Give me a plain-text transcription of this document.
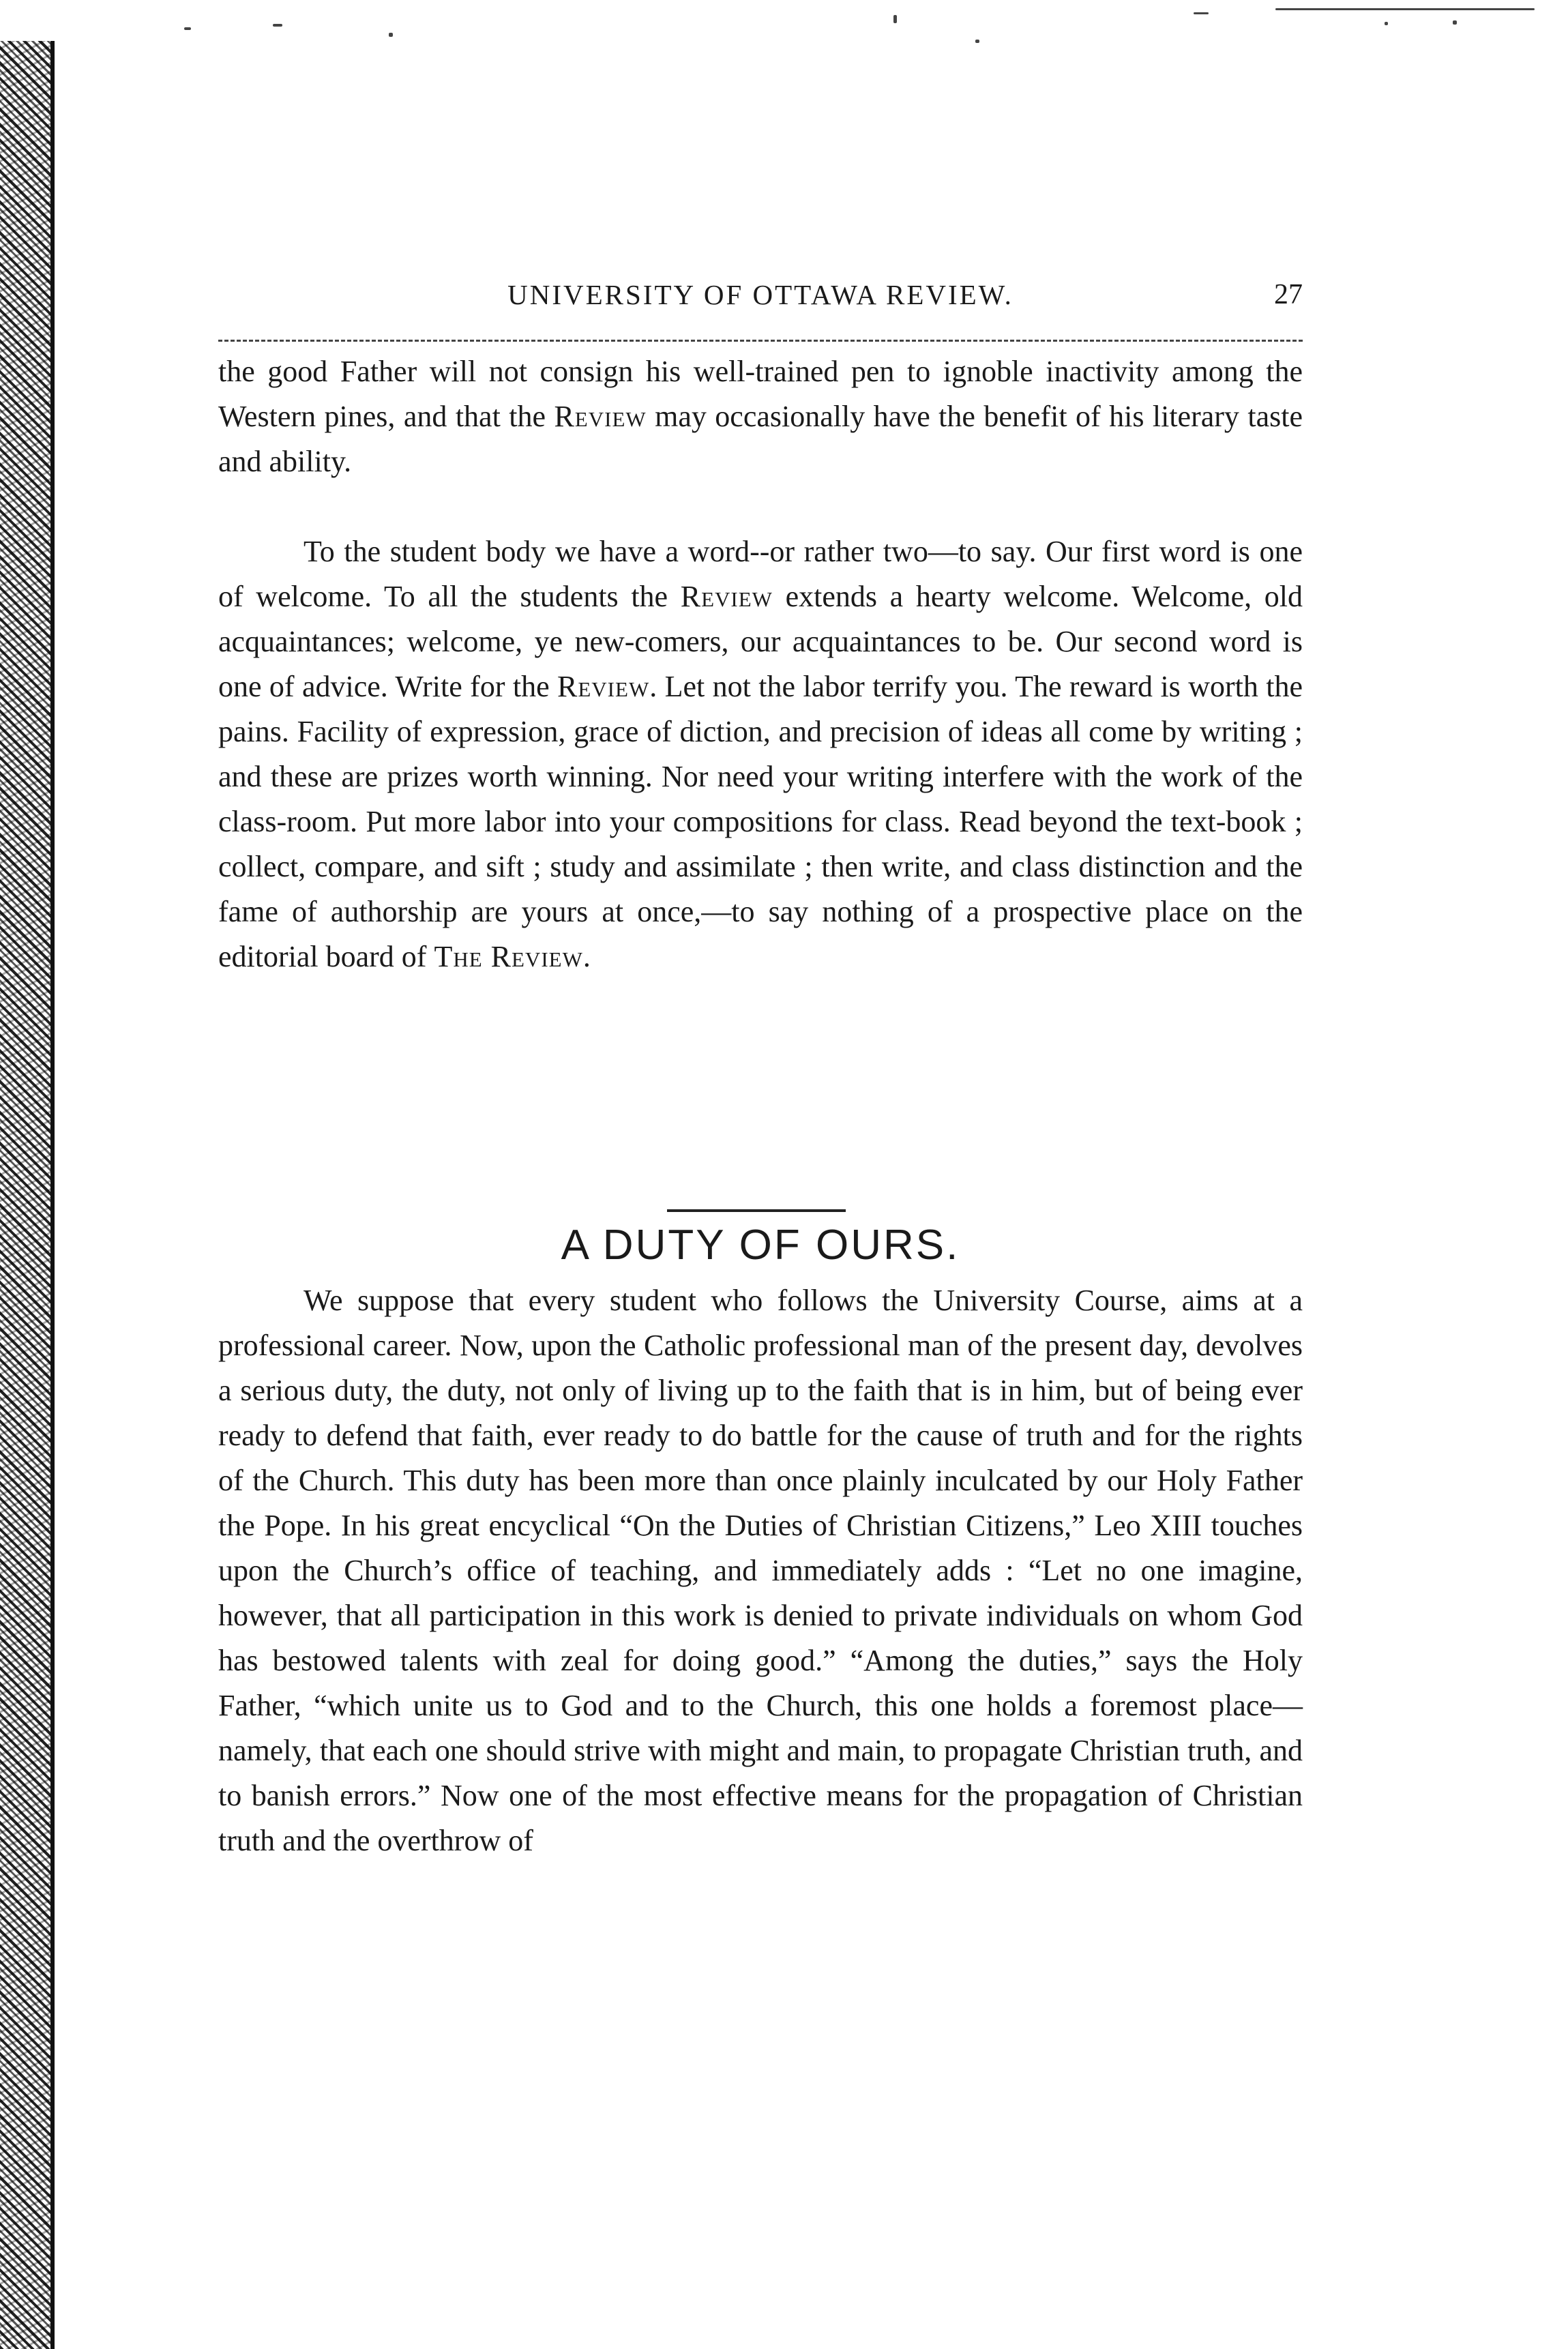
UNIVERSITY OF OTTAWA REVIEW.	27

the good Father will not consign his well-trained pen to ignoble inactivity among the Western pines, and that the Review may occasionally have the benefit of his literary taste and ability.

To the student body we have a word--or rather two—to say. Our first word is one of welcome. To all the students the Review extends a hearty welcome. Welcome, old acquaintances; welcome, ye new-comers, our acquaintances to be. Our second word is one of advice. Write for the Review. Let not the labor terrify you. The reward is worth the pains. Facility of expression, grace of diction, and precision of ideas all come by writing ; and these are prizes worth winning. Nor need your writing interfere with the work of the class-room. Put more labor into your compositions for class. Read beyond the text-book ; collect, compare, and sift ; study and assimilate ; then write, and class distinction and the fame of authorship are yours at once,—to say nothing of a prospective place on the editorial board of The Review.

A DUTY OF OURS.

We suppose that every student who follows the University Course, aims at a professional career. Now, upon the Catholic professional man of the present day, devolves a serious duty, the duty, not only of living up to the faith that is in him, but of being ever ready to defend that faith, ever ready to do battle for the cause of truth and for the rights of the Church. This duty has been more than once plainly inculcated by our Holy Father the Pope. In his great encyclical “On the Duties of Christian Citizens,” Leo XIII touches upon the Church’s office of teaching, and immediately adds : “Let no one imagine, however, that all participation in this work is denied to private individuals on whom God has bestowed talents with zeal for doing good.” “Among the duties,” says the Holy Father, “which unite us to God and to the Church, this one holds a foremost place—namely, that each one should strive with might and main, to propagate Christian truth, and to banish errors.” Now one of the most effective means for the propagation of Christian truth and the overthrow of
